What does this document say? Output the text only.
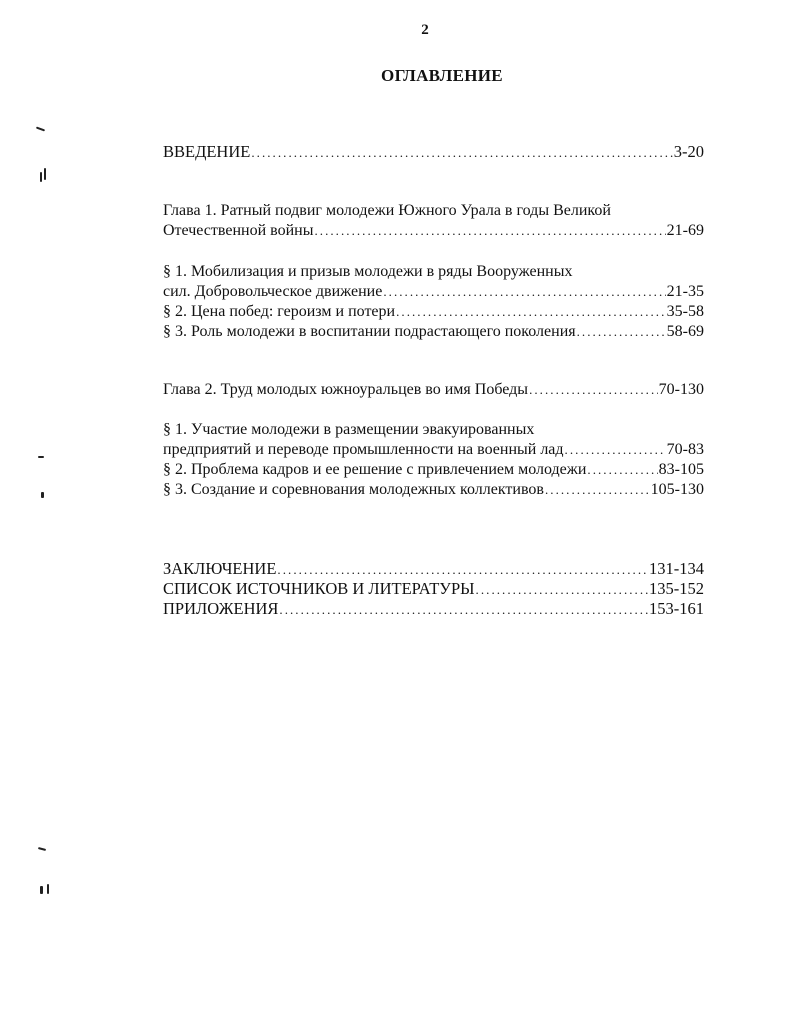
2
ОГЛАВЛЕНИЕ
ВВЕДЕНИЕ . . .	3-20
Глава 1. Ратный подвиг молодежи Южного Урала в годы Великой
Отечественной войны . . .	21-69
§ 1. Мобилизация и призыв молодежи в ряды Вооруженных
сил. Добровольческое движение . . .	21-35
§ 2. Цена побед: героизм и потери . . .	35-58
§ 3. Роль молодежи в воспитании подрастающего поколения . . .	58-69
Глава 2. Труд молодых южноуральцев во имя Победы . . .	70-130
§ 1. Участие молодежи в размещении эвакуированных
предприятий и переводе промышленности на военный лад . . .	70-83
§ 2. Проблема кадров и ее решение с привлечением молодежи . . .	83-105
§ 3. Создание и соревнования молодежных коллективов . . .	105-130
ЗАКЛЮЧЕНИЕ . . .	131-134
СПИСОК ИСТОЧНИКОВ И ЛИТЕРАТУРЫ . . .	135-152
ПРИЛОЖЕНИЯ . . .	153-161
